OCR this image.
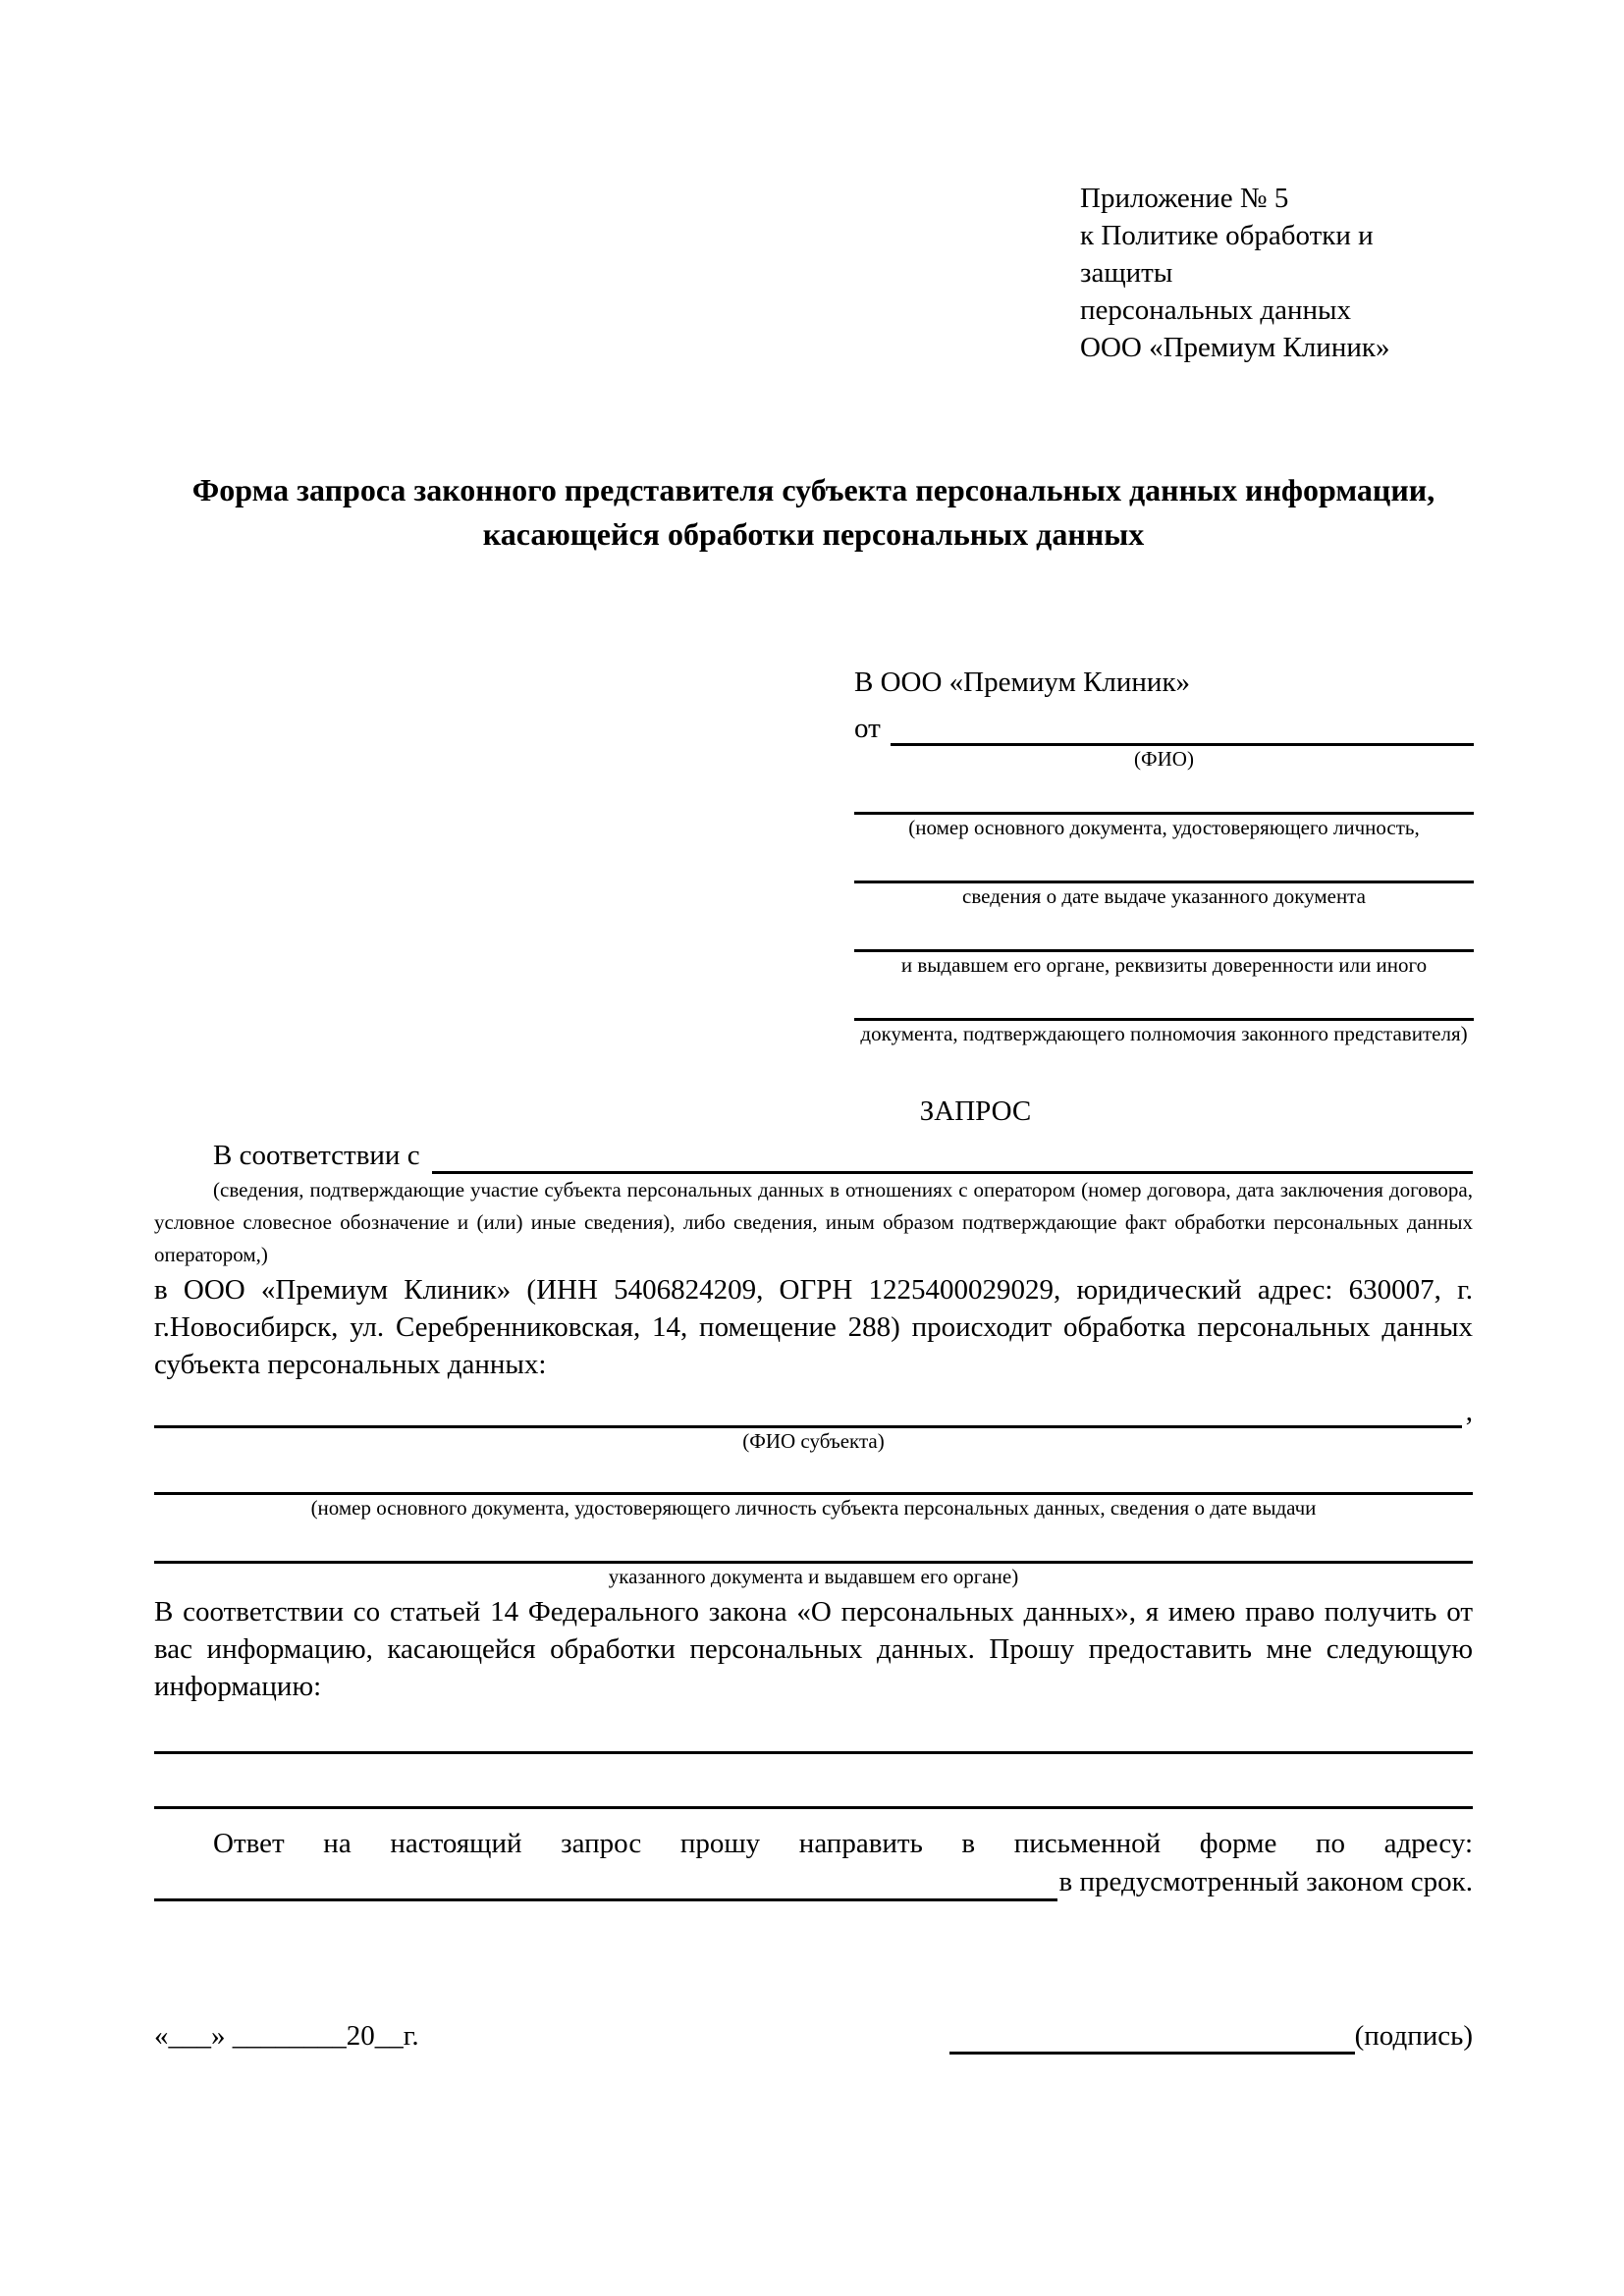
Приложение № 5
к Политике обработки и защиты
персональных данных
ООО «Премиум Клиник»
Форма запроса законного представителя субъекта персональных данных информации, касающейся обработки персональных данных
В ООО «Премиум Клиник»
от
(ФИО)
(номер основного документа, удостоверяющего личность,
сведения о дате выдаче указанного документа
и выдавшем его органе, реквизиты доверенности или иного
документа, подтверждающего полномочия законного представителя)
ЗАПРОС
В соответствии с

(сведения, подтверждающие участие субъекта персональных данных в отношениях с оператором (номер договора, дата заключения договора, условное словесное обозначение и (или) иные сведения), либо сведения, иным образом подтверждающие факт обработки персональных данных оператором,)

в ООО «Премиум Клиник» (ИНН 5406824209, ОГРН 1225400029029, юридический адрес: 630007, г. г.Новосибирск, ул. Серебренниковская, 14, помещение 288) происходит обработка персональных данных субъекта персональных данных:

,
(ФИО субъекта)
(номер основного документа, удостоверяющего личность субъекта персональных данных, сведения о дате выдачи
указанного документа и выдавшем его органе)

В соответствии со статьей 14 Федерального закона «О персональных данных», я имею право получить от вас информацию, касающейся обработки персональных данных. Прошу предоставить мне следующую информацию:

Ответ на настоящий запрос прошу направить в письменной форме по адресу:

в предусмотренный законом срок.
«___» ________20__г.	(подпись)
